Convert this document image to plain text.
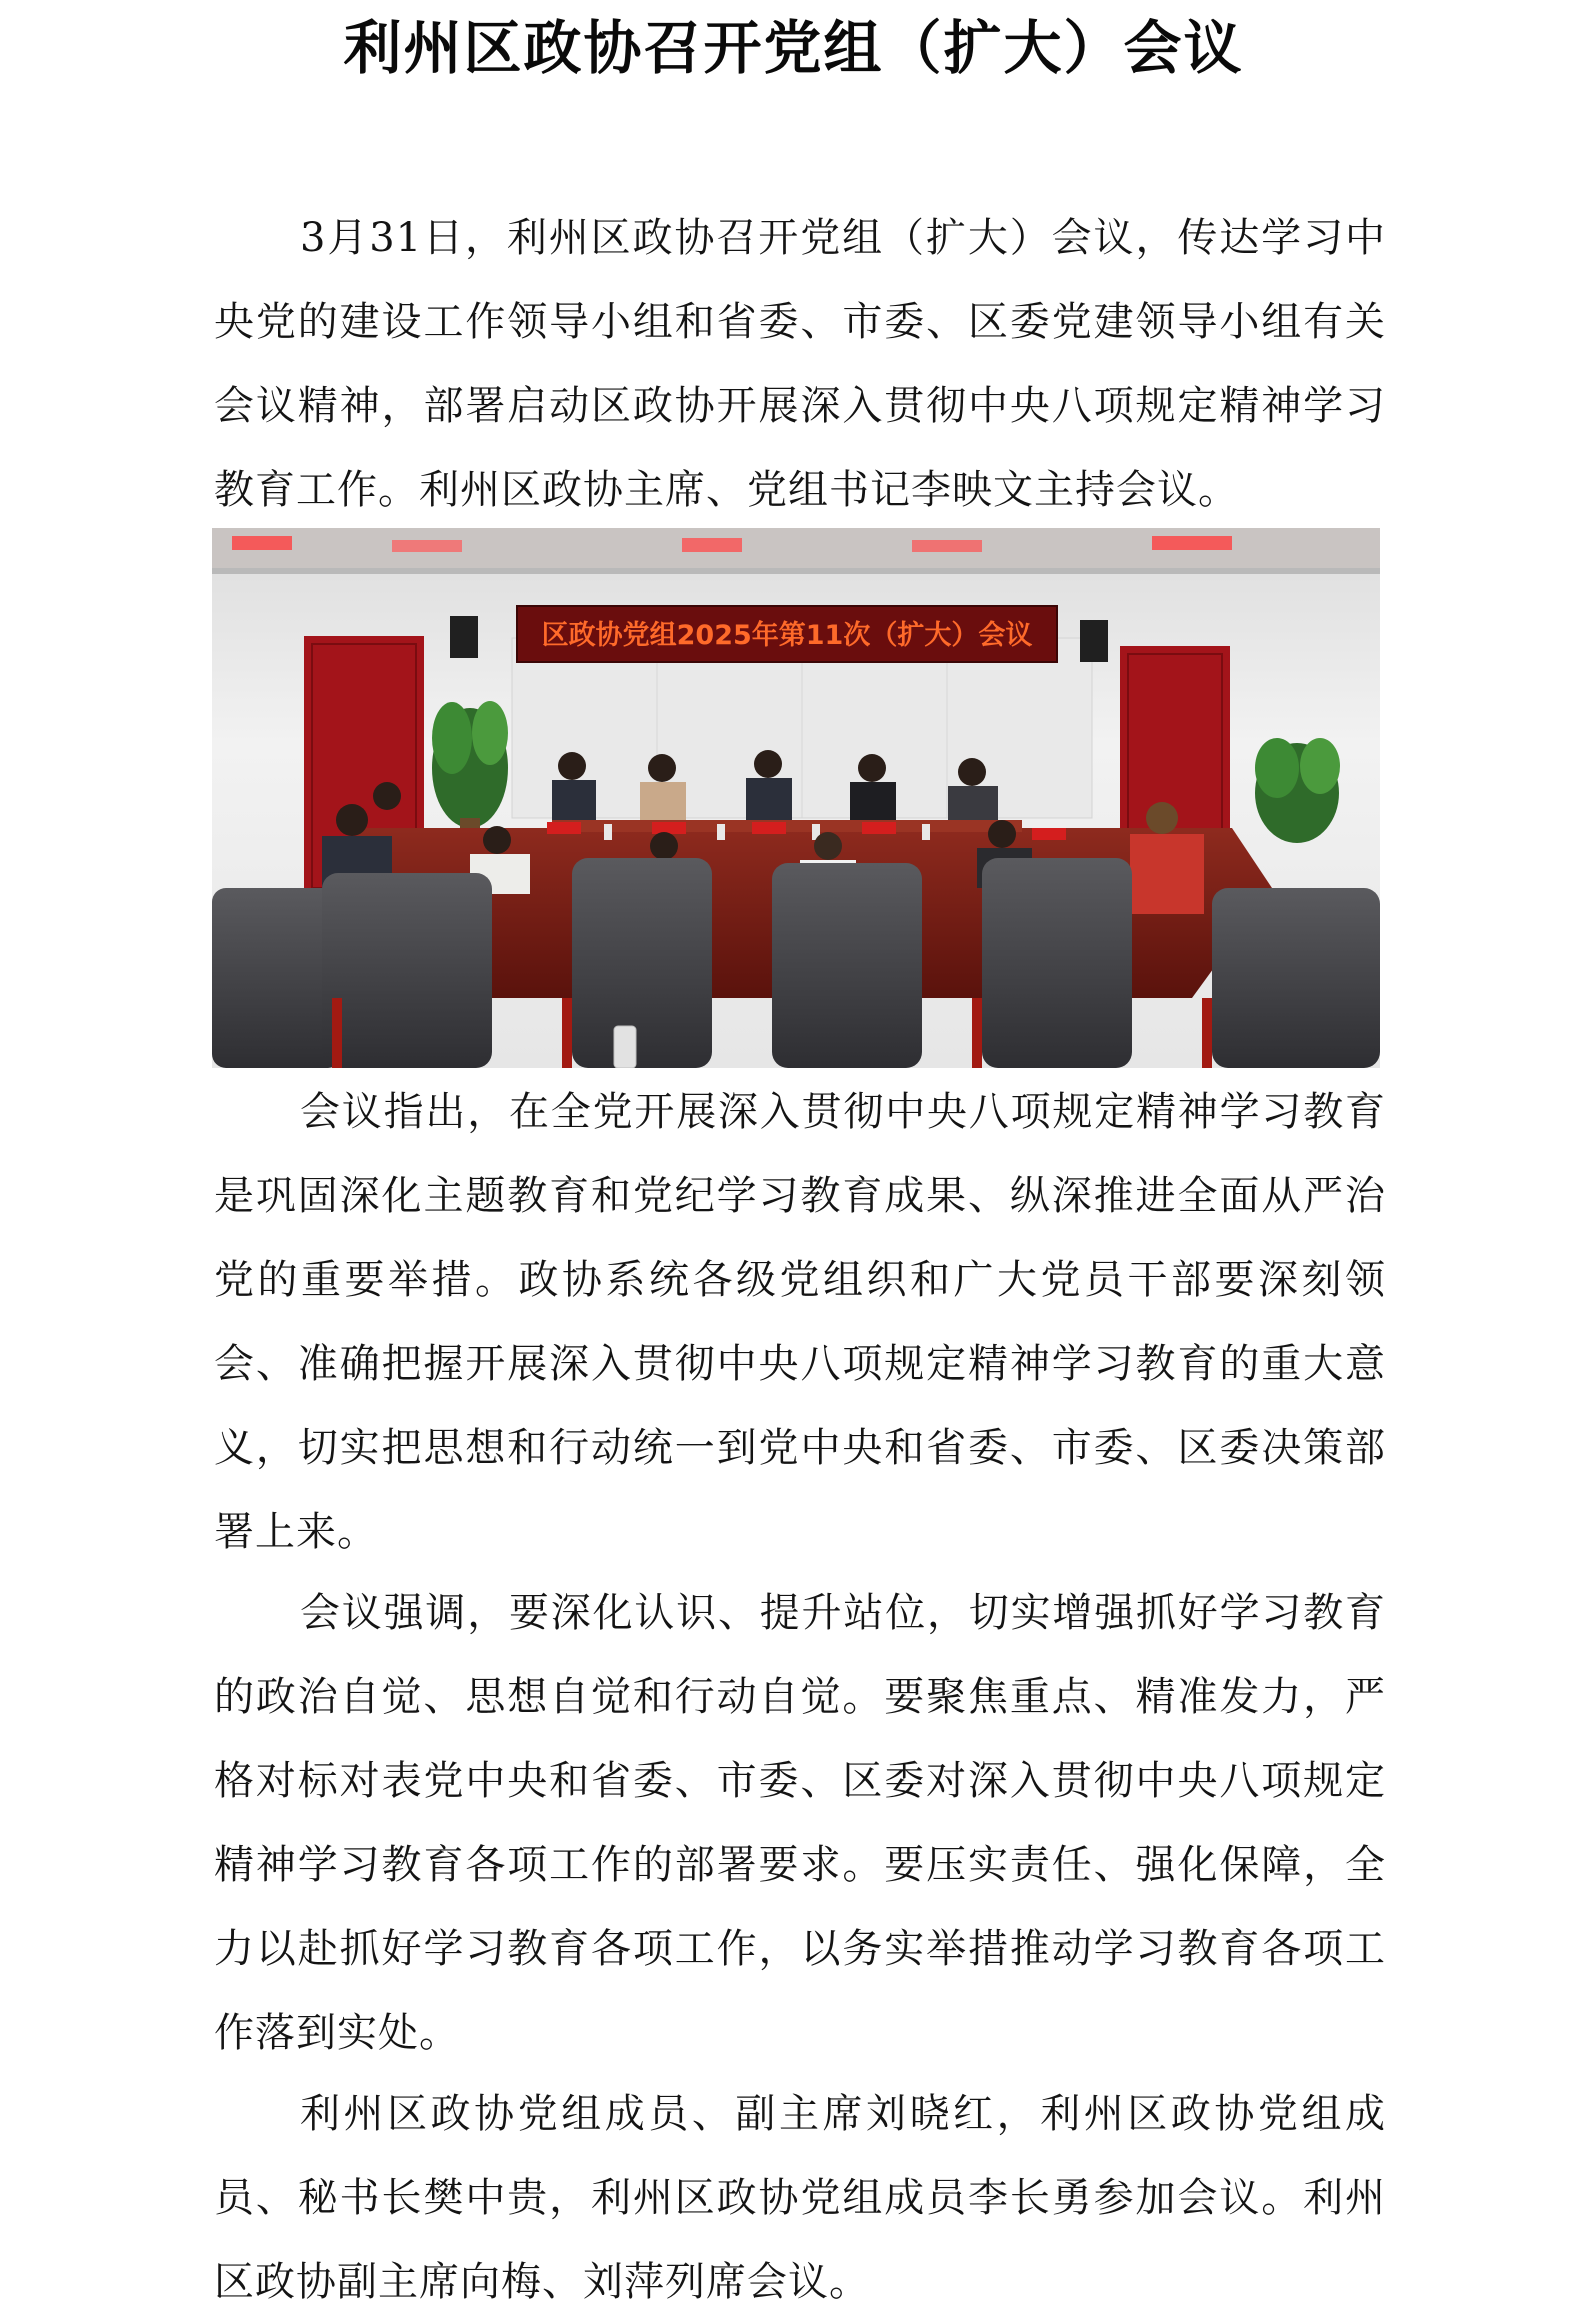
利州区政协召开党组（扩大）会议

3月31日，利州区政协召开党组（扩大）会议，传达学习中央党的建设工作领导小组和省委、市委、区委党建领导小组有关会议精神，部署启动区政协开展深入贯彻中央八项规定精神学习教育工作。利州区政协主席、党组书记李映文主持会议。

区政协党组2025年第11次（扩大）会议

会议指出，在全党开展深入贯彻中央八项规定精神学习教育是巩固深化主题教育和党纪学习教育成果、纵深推进全面从严治党的重要举措。政协系统各级党组织和广大党员干部要深刻领会、准确把握开展深入贯彻中央八项规定精神学习教育的重大意义，切实把思想和行动统一到党中央和省委、市委、区委决策部署上来。

会议强调，要深化认识、提升站位，切实增强抓好学习教育的政治自觉、思想自觉和行动自觉。要聚焦重点、精准发力，严格对标对表党中央和省委、市委、区委对深入贯彻中央八项规定精神学习教育各项工作的部署要求。要压实责任、强化保障，全力以赴抓好学习教育各项工作，以务实举措推动学习教育各项工作落到实处。

利州区政协党组成员、副主席刘晓红，利州区政协党组成员、秘书长樊中贵，利州区政协党组成员李长勇参加会议。利州区政协副主席向梅、刘萍列席会议。
